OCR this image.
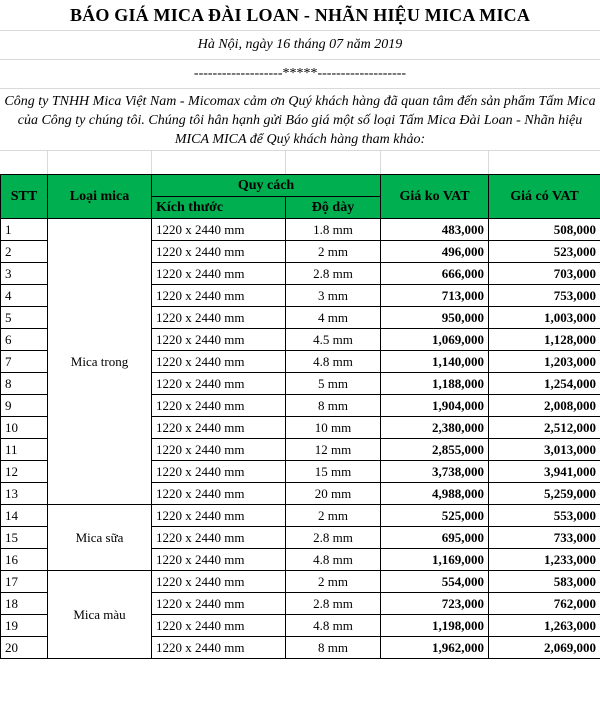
BÁO GIÁ MICA ĐÀI LOAN - NHÃN HIỆU MICA MICA
Hà Nội, ngày 16 tháng 07 năm 2019
-------------------*****-------------------
Công ty TNHH Mica Việt Nam - Micomax cảm ơn Quý khách hàng đã quan tâm đến sản phẩm Tấm Mica của Công ty chúng tôi. Chúng tôi hân hạnh gửi Báo giá một số loại Tấm Mica Đài Loan - Nhãn hiệu MICA MICA để Quý khách hàng tham khảo:
STT	Loại mica	Quy cách		Giá ko VAT	Giá có VAT
		Kích thước	Độ dày		
1	Mica trong	1220 x 2440 mm	1.8 mm	483,000	508,000
2		1220 x 2440 mm	2 mm	496,000	523,000
3		1220 x 2440 mm	2.8 mm	666,000	703,000
4		1220 x 2440 mm	3 mm	713,000	753,000
5		1220 x 2440 mm	4 mm	950,000	1,003,000
6		1220 x 2440 mm	4.5 mm	1,069,000	1,128,000
7		1220 x 2440 mm	4.8 mm	1,140,000	1,203,000
8		1220 x 2440 mm	5 mm	1,188,000	1,254,000
9		1220 x 2440 mm	8 mm	1,904,000	2,008,000
10		1220 x 2440 mm	10 mm	2,380,000	2,512,000
11		1220 x 2440 mm	12 mm	2,855,000	3,013,000
12		1220 x 2440 mm	15 mm	3,738,000	3,941,000
13		1220 x 2440 mm	20 mm	4,988,000	5,259,000
14	Mica sữa	1220 x 2440 mm	2 mm	525,000	553,000
15		1220 x 2440 mm	2.8 mm	695,000	733,000
16		1220 x 2440 mm	4.8 mm	1,169,000	1,233,000
17	Mica màu	1220 x 2440 mm	2 mm	554,000	583,000
18		1220 x 2440 mm	2.8 mm	723,000	762,000
19		1220 x 2440 mm	4.8 mm	1,198,000	1,263,000
20		1220 x 2440 mm	8 mm	1,962,000	2,069,000
